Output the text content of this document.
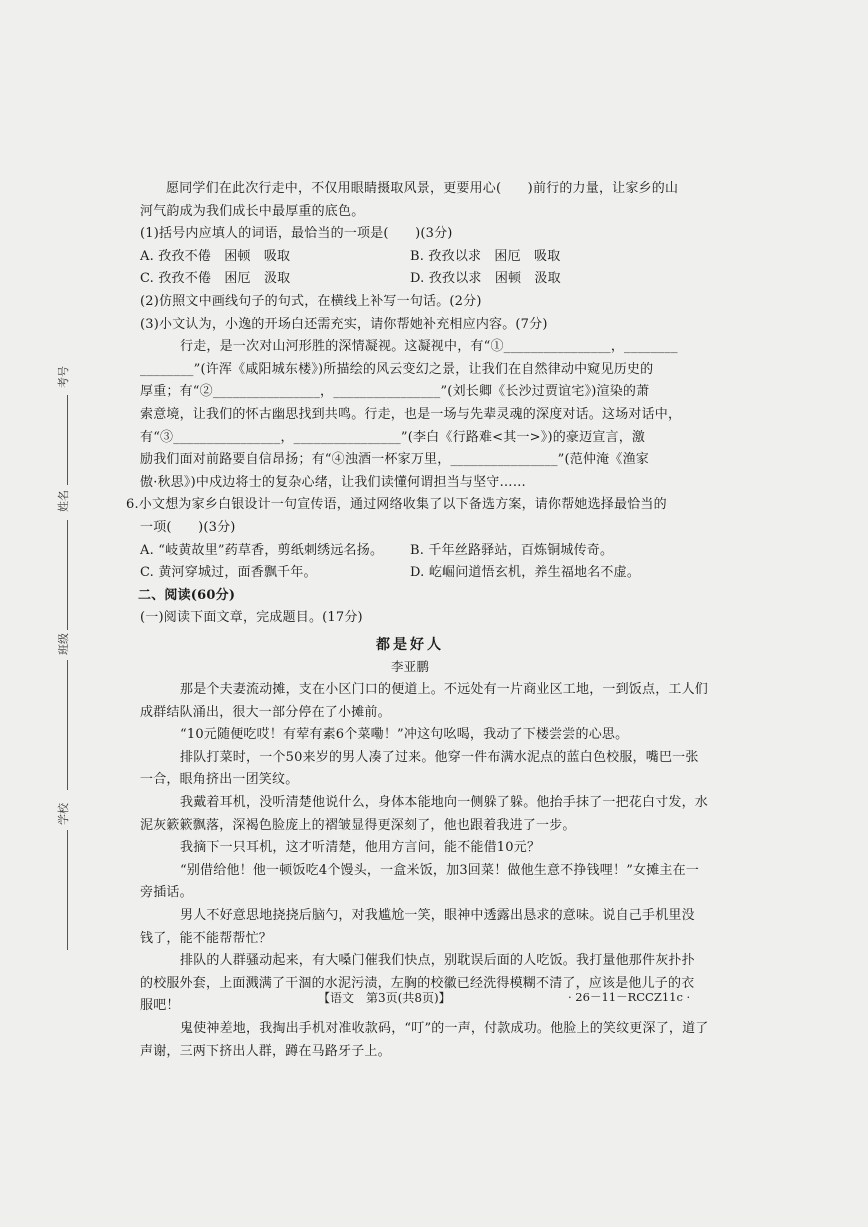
考号
姓名
班级
学校

愿同学们在此次行走中，不仅用眼睛摄取风景，更要用心(　　)前行的力量，让家乡的山

河气韵成为我们成长中最厚重的底色。

(1)括号内应填人的词语，最恰当的一项是(　　)(3分)

A. 孜孜不倦　困顿　吸取	B. 孜孜以求　困厄　吸取
C. 孜孜不倦　困厄　汲取	D. 孜孜以求　困顿　汲取

(2)仿照文中画线句子的句式，在横线上补写一句话。(2分)

(3)小文认为，小逸的开场白还需充实，请你帮她补充相应内容。(7分)

行走，是一次对山河形胜的深情凝视。这凝视中，有“①________________，________

________”(许浑《咸阳城东楼》)所描绘的风云变幻之景，让我们在自然律动中窥见历史的

厚重；有“②________________，________________”(刘长卿《长沙过贾谊宅》)渲染的萧

索意境，让我们的怀古幽思找到共鸣。行走，也是一场与先辈灵魂的深度对话。这场对话中，

有“③________________，________________”(李白《行路难<其一>》)的豪迈宣言，激

励我们面对前路要自信昂扬；有“④浊酒一杯家万里，________________”(范仲淹《渔家

傲·秋思》)中戍边将士的复杂心绪，让我们读懂何谓担当与坚守……

6.小文想为家乡白银设计一句宣传语，通过网络收集了以下备选方案，请你帮她选择最恰当的

一项(　　)(3分)

A. “岐黄故里”药草香，剪纸刺绣远名扬。	B. 千年丝路驿站，百炼铜城传奇。
C. 黄河穿城过，面香飘千年。	D. 屹崛问道悟玄机，养生福地名不虚。

二、阅读(60分)

(一)阅读下面文章，完成题目。(17分)

都是好人

李亚鹏

那是个夫妻流动摊，支在小区门口的便道上。不远处有一片商业区工地，一到饭点，工人们

成群结队涌出，很大一部分停在了小摊前。

“10元随便吃哎！有荤有素6个菜嘞！”冲这句吆喝，我动了下楼尝尝的心思。

排队打菜时，一个50来岁的男人凑了过来。他穿一件布满水泥点的蓝白色校服，嘴巴一张

一合，眼角挤出一团笑纹。

我戴着耳机，没听清楚他说什么，身体本能地向一侧躲了躲。他抬手抹了一把花白寸发，水

泥灰簌簌飘落，深褐色脸庞上的褶皱显得更深刻了，他也跟着我进了一步。

我摘下一只耳机，这才听清楚，他用方言问，能不能借10元？

“别借给他！他一顿饭吃4个馒头，一盒米饭，加3回菜！做他生意不挣钱哩！”女摊主在一

旁插话。

男人不好意思地挠挠后脑勺，对我尴尬一笑，眼神中透露出恳求的意味。说自己手机里没

钱了，能不能帮帮忙？

排队的人群骚动起来，有大嗓门催我们快点，别耽误后面的人吃饭。我打量他那件灰扑扑

的校服外套，上面溅满了干涸的水泥污渍，左胸的校徽已经洗得模糊不清了，应该是他儿子的衣

服吧！

鬼使神差地，我掏出手机对准收款码，“叮”的一声，付款成功。他脸上的笑纹更深了，道了

声谢，三两下挤出人群，蹲在马路牙子上。

【语文　第3页(共8页)】	· 26－11－RCCZ11c ·
